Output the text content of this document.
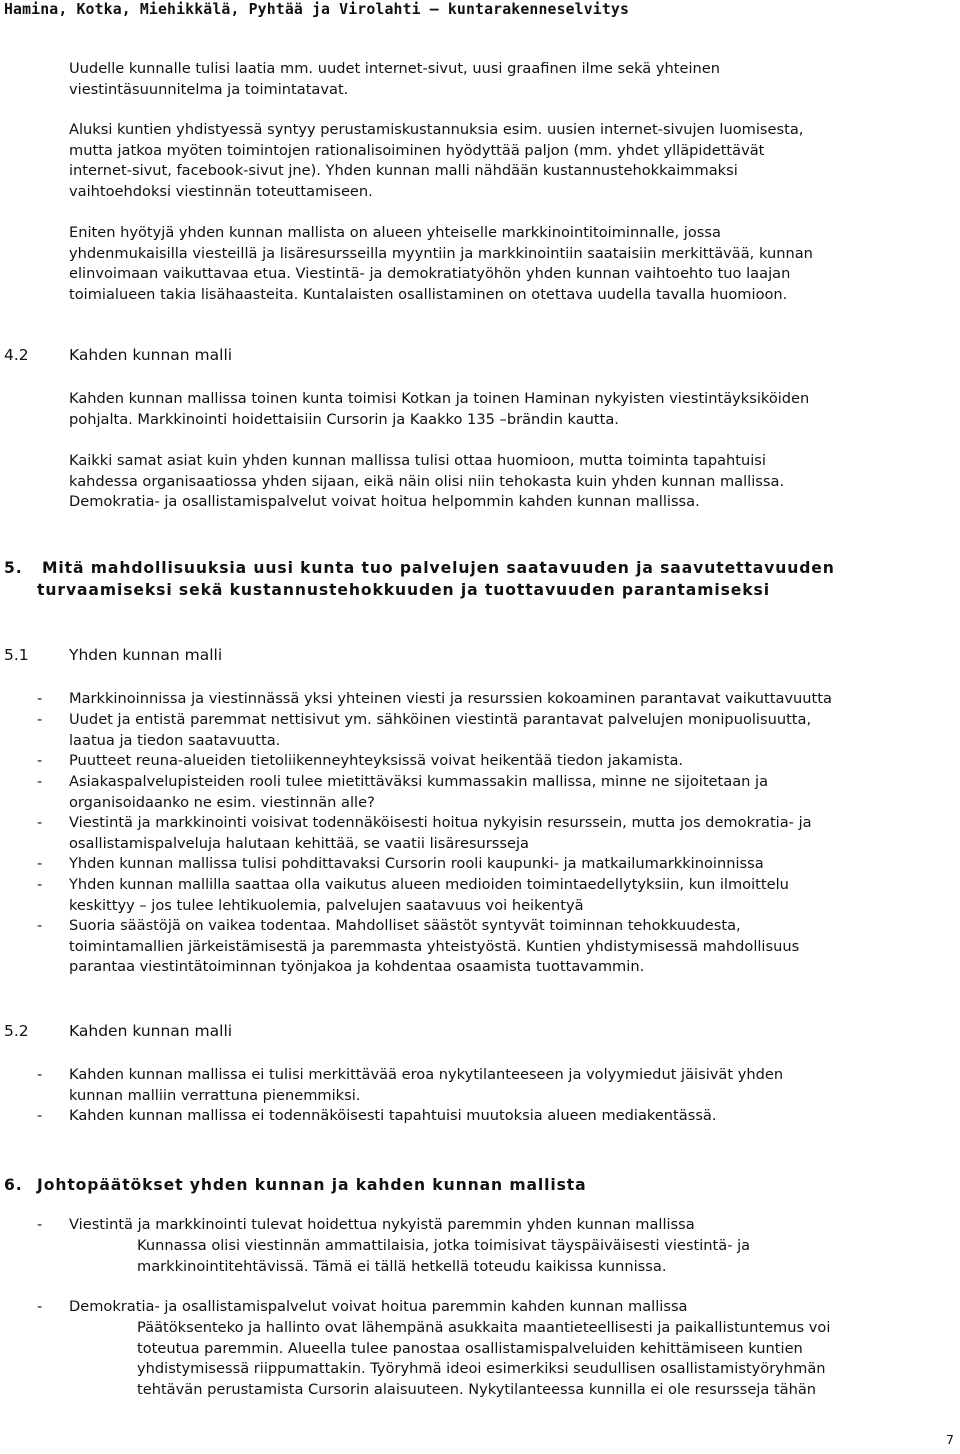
Hamina, Kotka, Miehikkälä, Pyhtää ja Virolahti – kuntarakenneselvitys
Uudelle kunnalle tulisi laatia mm. uudet internet-sivut, uusi graafinen ilme sekä yhteinen
viestintäsuunnitelma ja toimintatavat.
Aluksi kuntien yhdistyessä syntyy perustamiskustannuksia esim. uusien internet-sivujen luomisesta,
mutta jatkoa myöten toimintojen rationalisoiminen hyödyttää paljon (mm. yhdet ylläpidettävät
internet-sivut, facebook-sivut jne). Yhden kunnan malli nähdään kustannustehokkaimmaksi
vaihtoehdoksi viestinnän toteuttamiseen.
Eniten hyötyjä yhden kunnan mallista on alueen yhteiselle markkinointitoiminnalle, jossa
yhdenmukaisilla viesteillä ja lisäresursseilla myyntiin ja markkinointiin saataisiin merkittävää, kunnan
elinvoimaan vaikuttavaa etua. Viestintä- ja demokratiatyöhön yhden kunnan vaihtoehto tuo laajan
toimialueen takia lisähaasteita. Kuntalaisten osallistaminen on otettava uudella tavalla huomioon.
4.2	Kahden kunnan malli
Kahden kunnan mallissa toinen kunta toimisi Kotkan ja toinen Haminan nykyisten viestintäyksiköiden
pohjalta. Markkinointi hoidettaisiin Cursorin ja Kaakko 135 –brändin kautta.
Kaikki samat asiat kuin yhden kunnan mallissa tulisi ottaa huomioon, mutta toiminta tapahtuisi
kahdessa organisaatiossa yhden sijaan, eikä näin olisi niin tehokasta kuin yhden kunnan mallissa.
Demokratia- ja osallistamispalvelut voivat hoitua helpommin kahden kunnan mallissa.
5. Mitä mahdollisuuksia uusi kunta tuo palvelujen saatavuuden ja saavutettavuuden
turvaamiseksi sekä kustannustehokkuuden ja tuottavuuden parantamiseksi
5.1	Yhden kunnan malli
- Markkinoinnissa ja viestinnässä yksi yhteinen viesti ja resurssien kokoaminen parantavat vaikuttavuutta
- Uudet ja entistä paremmat nettisivut ym. sähköinen viestintä parantavat palvelujen monipuolisuutta,
laatua ja tiedon saatavuutta.
- Puutteet reuna-alueiden tietoliikenneyhteyksissä voivat heikentää tiedon jakamista.
- Asiakaspalvelupisteiden rooli tulee mietittäväksi kummassakin mallissa, minne ne sijoitetaan ja
organisoidaanko ne esim. viestinnän alle?
- Viestintä ja markkinointi voisivat todennäköisesti hoitua nykyisin resurssein, mutta jos demokratia- ja
osallistamispalveluja halutaan kehittää, se vaatii lisäresursseja
- Yhden kunnan mallissa tulisi pohdittavaksi Cursorin rooli kaupunki- ja matkailumarkkinoinnissa
- Yhden kunnan mallilla saattaa olla vaikutus alueen medioiden toimintaedellytyksiin, kun ilmoittelu
keskittyy – jos tulee lehtikuolemia, palvelujen saatavuus voi heikentyä
- Suoria säästöjä on vaikea todentaa. Mahdolliset säästöt syntyvät toiminnan tehokkuudesta,
toimintamallien järkeistämisestä ja paremmasta yhteistyöstä. Kuntien yhdistymisessä mahdollisuus
parantaa viestintätoiminnan työnjakoa ja kohdentaa osaamista tuottavammin.
5.2	Kahden kunnan malli
- Kahden kunnan mallissa ei tulisi merkittävää eroa nykytilanteeseen ja volyymiedut jäisivät yhden
kunnan malliin verrattuna pienemmiksi.
- Kahden kunnan mallissa ei todennäköisesti tapahtuisi muutoksia alueen mediakentässä.
6. Johtopäätökset yhden kunnan ja kahden kunnan mallista
- Viestintä ja markkinointi tulevat hoidettua nykyistä paremmin yhden kunnan mallissa
Kunnassa olisi viestinnän ammattilaisia, jotka toimisivat täyspäiväisesti viestintä- ja
markkinointitehtävissä. Tämä ei tällä hetkellä toteudu kaikissa kunnissa.
- Demokratia- ja osallistamispalvelut voivat hoitua paremmin kahden kunnan mallissa
Päätöksenteko ja hallinto ovat lähempänä asukkaita maantieteellisesti ja paikallistuntemus voi
toteutua paremmin. Alueella tulee panostaa osallistamispalveluiden kehittämiseen kuntien
yhdistymisessä riippumattakin. Työryhmä ideoi esimerkiksi seudullisen osallistamistyöryhmän
tehtävän perustamista Cursorin alaisuuteen. Nykytilanteessa kunnilla ei ole resursseja tähän
7
